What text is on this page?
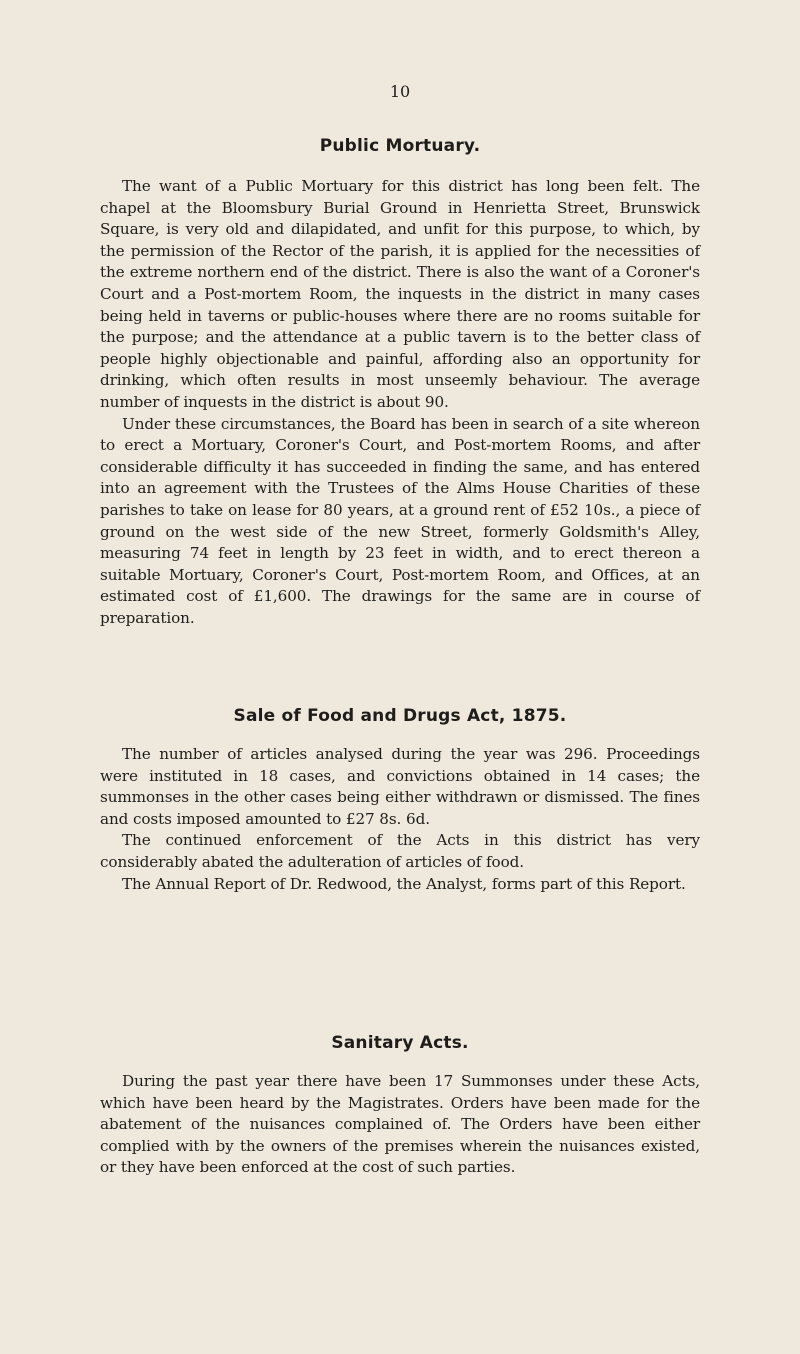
10
Public Mortuary.

The want of a Public Mortuary for this district has long been felt. The chapel at the Bloomsbury Burial Ground in Henrietta Street, Brunswick Square, is very old and dilapidated, and unfit for this purpose, to which, by the permission of the Rector of the parish, it is applied for the necessities of the extreme northern end of the district. There is also the want of a Coroner's Court and a Post-mortem Room, the inquests in the district in many cases being held in taverns or public-houses where there are no rooms suitable for the purpose; and the attendance at a public tavern is to the better class of people highly objectionable and painful, affording also an opportunity for drinking, which often results in most unseemly behaviour. The average number of inquests in the district is about 90.

Under these circumstances, the Board has been in search of a site whereon to erect a Mortuary, Coroner's Court, and Post-mortem Rooms, and after considerable difficulty it has succeeded in finding the same, and has entered into an agreement with the Trustees of the Alms House Charities of these parishes to take on lease for 80 years, at a ground rent of £52 10s., a piece of ground on the west side of the new Street, formerly Goldsmith's Alley, measuring 74 feet in length by 23 feet in width, and to erect thereon a suitable Mortuary, Coroner's Court, Post-mortem Room, and Offices, at an estimated cost of £1,600. The drawings for the same are in course of preparation.

Sale of Food and Drugs Act, 1875.

The number of articles analysed during the year was 296. Proceedings were instituted in 18 cases, and convictions obtained in 14 cases; the summonses in the other cases being either withdrawn or dismissed. The fines and costs imposed amounted to £27 8s. 6d.

The continued enforcement of the Acts in this district has very considerably abated the adulteration of articles of food.

The Annual Report of Dr. Redwood, the Analyst, forms part of this Report.

Sanitary Acts.

During the past year there have been 17 Summonses under these Acts, which have been heard by the Magistrates. Orders have been made for the abatement of the nuisances complained of. The Orders have been either complied with by the owners of the premises wherein the nuisances existed, or they have been enforced at the cost of such parties.
